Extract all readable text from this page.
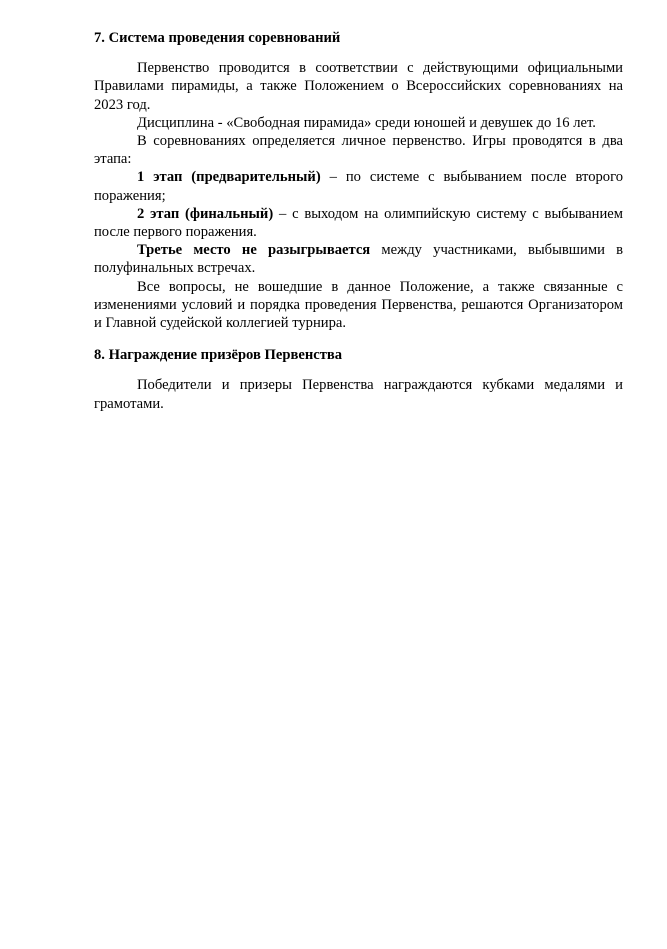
7. Система проведения соревнований

Первенство проводится в соответствии с действующими официальными Правилами пирамиды, а также Положением о Всероссийских соревнованиях на 2023 год.

Дисциплина - «Свободная пирамида» среди юношей и девушек до 16 лет.

В соревнованиях определяется личное первенство. Игры проводятся в два этапа:

1 этап (предварительный) – по системе с выбыванием после второго поражения;

2 этап (финальный) – с выходом на олимпийскую систему с выбыванием после первого поражения.

Третье место не разыгрывается между участниками, выбывшими в полуфинальных встречах.

Все вопросы, не вошедшие в данное Положение, а также связанные с изменениями условий и порядка проведения Первенства, решаются Организатором и Главной судейской коллегией турнира.

8. Награждение призёров Первенства

Победители и призеры Первенства награждаются кубками медалями и грамотами.
